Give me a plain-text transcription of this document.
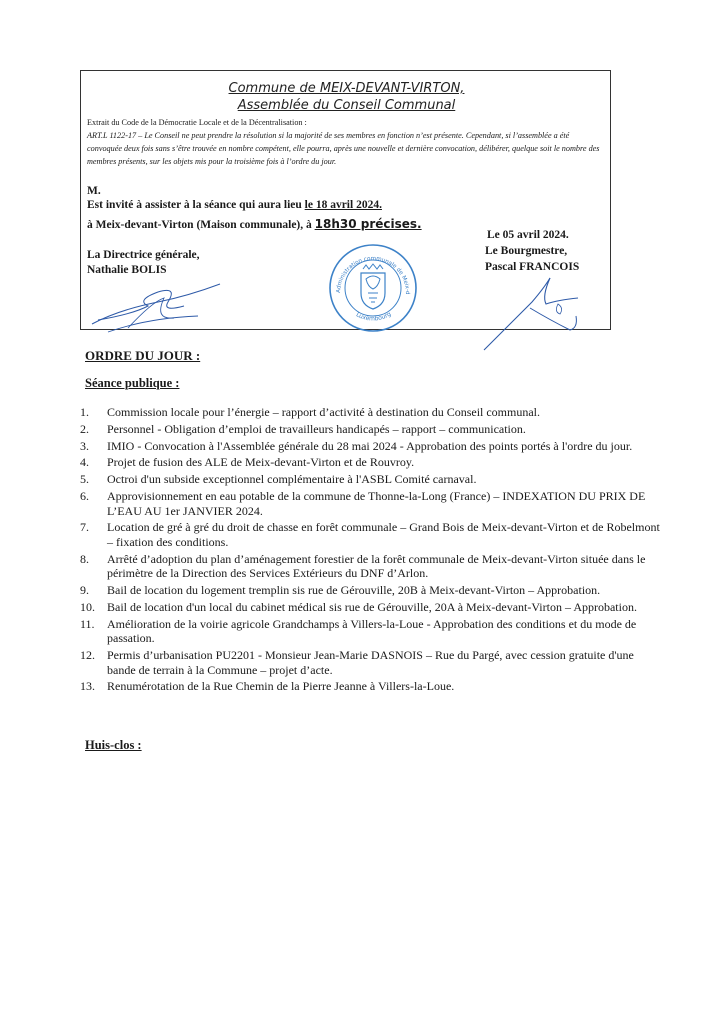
Commune de MEIX-DEVANT-VIRTON,
Assemblée du Conseil Communal
Extrait du Code de la Démocratie Locale et de la Décentralisation :
ART.L 1122-17 – Le Conseil ne peut prendre la résolution si la majorité de ses membres en fonction n’est présente. Cependant, si l’assemblée a été convoquée deux fois sans s’être trouvée en nombre compétent, elle pourra, après une nouvelle et dernière convocation, délibérer, quelque soit le nombre des membres présents, sur les objets mis pour la troisième fois à l’ordre du jour.
M.
Est invité à assister à la séance qui aura lieu le 18 avril 2024.
à Meix-devant-Virton (Maison communale), à 18h30 précises.
Le 05 avril 2024.
Le Bourgmestre,
Pascal FRANCOIS
La Directrice générale,
Nathalie BOLIS
Administration communale de Meix-d
Luxembourg
ORDRE DU JOUR :
Séance publique :
1.	Commission locale pour l’énergie – rapport d’activité à destination du Conseil communal.
2.	Personnel - Obligation d’emploi de travailleurs handicapés – rapport – communication.
3.	IMIO - Convocation à l'Assemblée générale du 28 mai 2024 - Approbation des points portés à l'ordre du jour.
4.	Projet de fusion des ALE de Meix-devant-Virton et de Rouvroy.
5.	Octroi d'un subside exceptionnel complémentaire à l'ASBL Comité carnaval.
6.	Approvisionnement en eau potable de la commune de Thonne-la-Long (France) – INDEXATION DU PRIX DE L’EAU AU 1er JANVIER 2024.
7.	Location de gré à gré du droit de chasse en forêt communale – Grand Bois de Meix-devant-Virton et de Robelmont – fixation des conditions.
8.	Arrêté d’adoption du plan d’aménagement forestier de la forêt communale de Meix-devant-Virton située dans le périmètre de la Direction des Services Extérieurs du DNF d’Arlon.
9.	Bail de location du logement tremplin sis rue de Gérouville, 20B à Meix-devant-Virton – Approbation.
10.	Bail de location d'un local du cabinet médical sis rue de Gérouville, 20A à Meix-devant-Virton – Approbation.
11.	Amélioration de la voirie agricole Grandchamps à Villers-la-Loue - Approbation des conditions et du mode de passation.
12.	Permis d’urbanisation PU2201 - Monsieur Jean-Marie DASNOIS – Rue du Pargé, avec cession gratuite d'une bande de terrain à la Commune – projet d’acte.
13.	Renumérotation de la Rue Chemin de la Pierre Jeanne à Villers-la-Loue.
Huis-clos :
